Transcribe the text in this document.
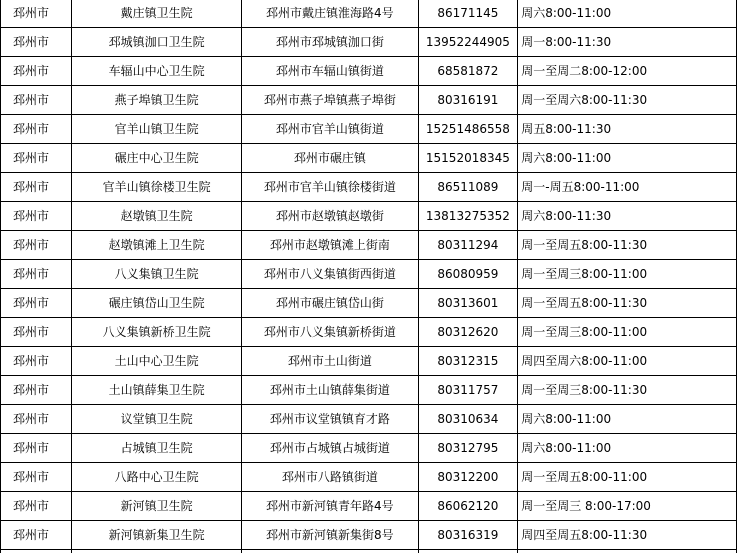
邳州市	戴庄镇卫生院	邳州市戴庄镇淮海路4号	86171145	周六8:00-11:00
邳州市	邳城镇泇口卫生院	邳州市邳城镇泇口街	13952244905	周一8:00-11:30
邳州市	车辐山中心卫生院	邳州市车辐山镇街道	68581872	周一至周二8:00-12:00
邳州市	燕子埠镇卫生院	邳州市燕子埠镇燕子埠街	80316191	周一至周六8:00-11:30
邳州市	官羊山镇卫生院	邳州市官羊山镇街道	15251486558	周五8:00-11:30
邳州市	碾庄中心卫生院	邳州市碾庄镇	15152018345	周六8:00-11:00
邳州市	官羊山镇徐楼卫生院	邳州市官羊山镇徐楼街道	86511089	周一-周五8:00-11:00
邳州市	赵墩镇卫生院	邳州市赵墩镇赵墩街	13813275352	周六8:00-11:30
邳州市	赵墩镇滩上卫生院	邳州市赵墩镇滩上街南	80311294	周一至周五8:00-11:30
邳州市	八义集镇卫生院	邳州市八义集镇街西街道	86080959	周一至周三8:00-11:00
邳州市	碾庄镇岱山卫生院	邳州市碾庄镇岱山街	80313601	周一至周五8:00-11:30
邳州市	八义集镇新桥卫生院	邳州市八义集镇新桥街道	80312620	周一至周三8:00-11:00
邳州市	土山中心卫生院	邳州市土山街道	80312315	周四至周六8:00-11:00
邳州市	土山镇薛集卫生院	邳州市土山镇薛集街道	80311757	周一至周三8:00-11:30
邳州市	议堂镇卫生院	邳州市议堂镇镇育才路	80310634	周六8:00-11:00
邳州市	占城镇卫生院	邳州市占城镇占城街道	80312795	周六8:00-11:00
邳州市	八路中心卫生院	邳州市八路镇街道	80312200	周一至周五8:00-11:00
邳州市	新河镇卫生院	邳州市新河镇青年路4号	86062120	周一至周三 8:00-17:00
邳州市	新河镇新集卫生院	邳州市新河镇新集街8号	80316319	周四至周五8:00-11:30
